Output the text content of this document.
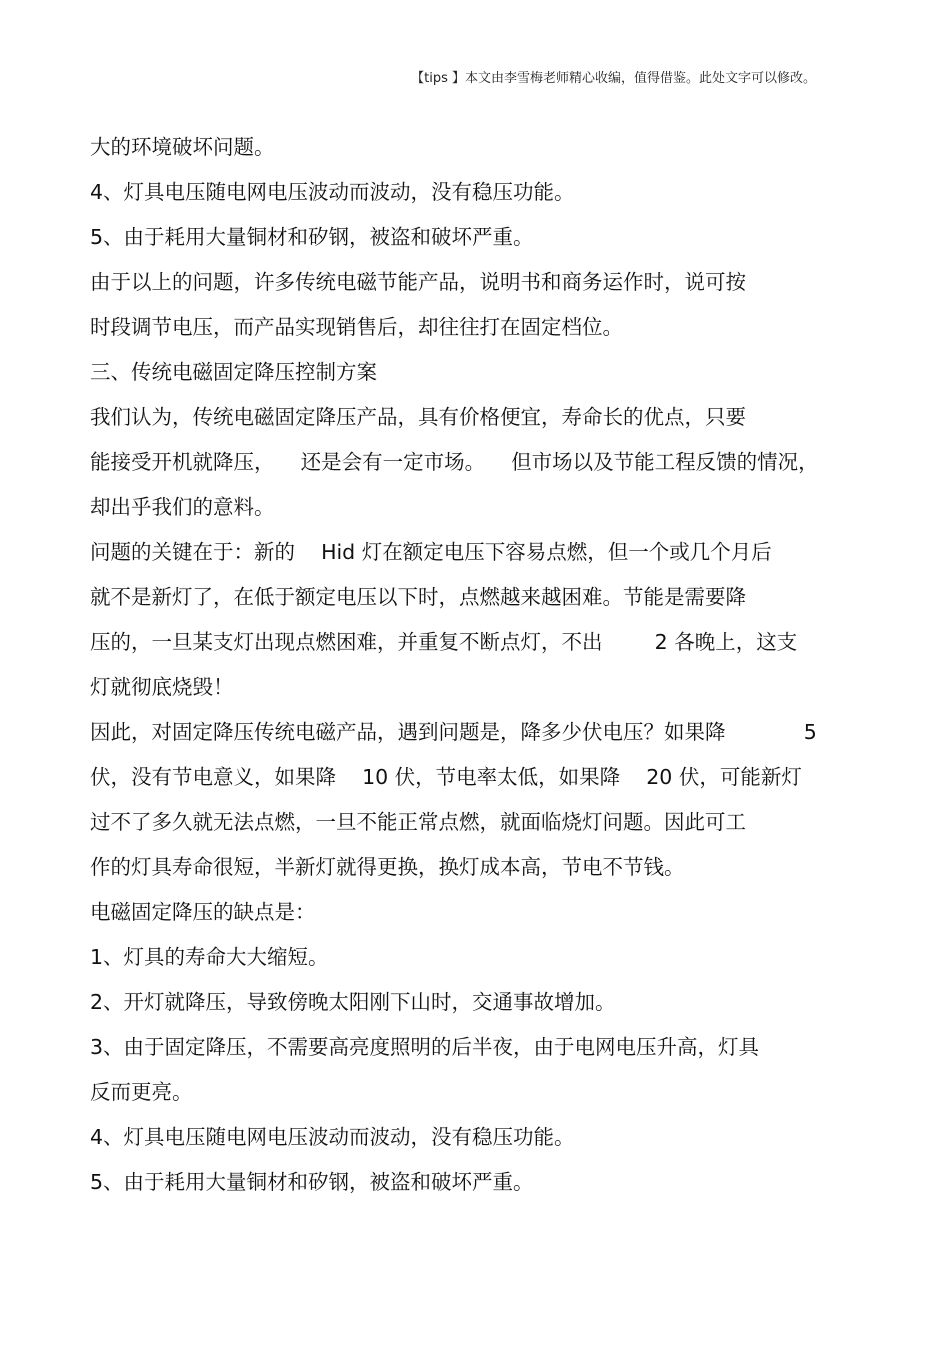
【tips 】本文由李雪梅老师精心收编，值得借鉴。此处文字可以修改。
大的环境破坏问题。
4、灯具电压随电网电压波动而波动，没有稳压功能。
5、由于耗用大量铜材和矽钢，被盗和破坏严重。
由于以上的问题，许多传统电磁节能产品，说明书和商务运作时，说可按
时段调节电压，而产品实现销售后，却往往打在固定档位。
三、传统电磁固定降压控制方案
我们认为，传统电磁固定降压产品，具有价格便宜，寿命长的优点，只要
能接受开机就降压，    还是会有一定市场。    但市场以及节能工程反馈的情况，
却出乎我们的意料。
问题的关键在于：新的    Hid 灯在额定电压下容易点燃，但一个或几个月后
就不是新灯了，在低于额定电压以下时，点燃越来越困难。节能是需要降
压的，一旦某支灯出现点燃困难，并重复不断点灯，不出        2 各晚上，这支
灯就彻底烧毁！
因此，对固定降压传统电磁产品，遇到问题是，降多少伏电压？如果降            5
伏，没有节电意义，如果降    10 伏，节电率太低，如果降    20 伏，可能新灯
过不了多久就无法点燃，一旦不能正常点燃，就面临烧灯问题。因此可工
作的灯具寿命很短，半新灯就得更换，换灯成本高，节电不节钱。
电磁固定降压的缺点是：
1、灯具的寿命大大缩短。
2、开灯就降压，导致傍晚太阳刚下山时，交通事故增加。
3、由于固定降压，不需要高亮度照明的后半夜，由于电网电压升高，灯具
反而更亮。
4、灯具电压随电网电压波动而波动，没有稳压功能。
5、由于耗用大量铜材和矽钢，被盗和破坏严重。
